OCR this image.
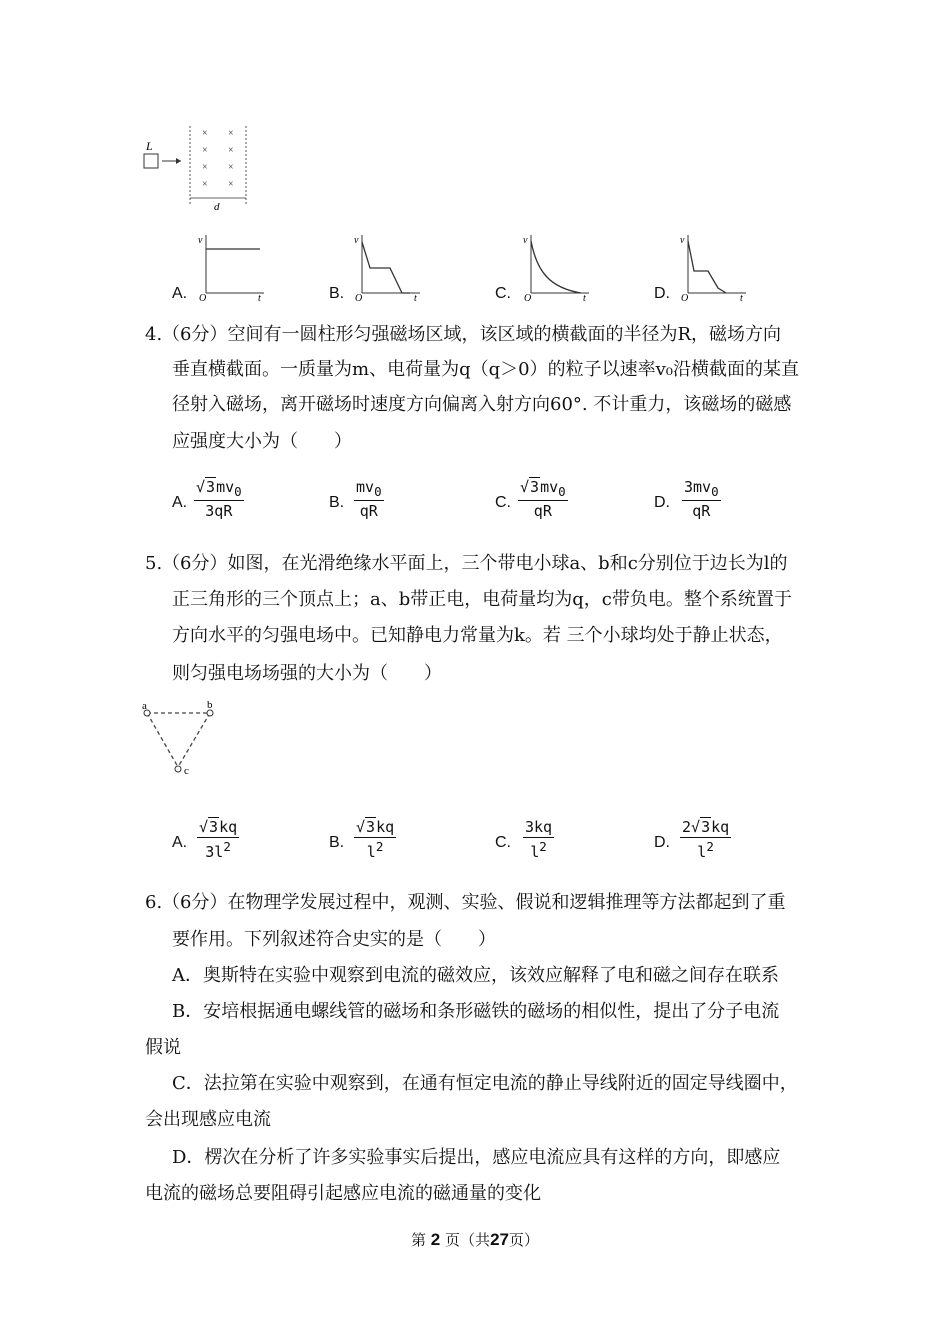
L
× ×
× ×
× ×
× ×
d
A.	B.	C.	D.
v
O	t
v
O	t
v
O	t
v
O	t
4. （6分）空间有一圆柱形匀强磁场区域，该区域的横截面的半径为R，磁场方向
垂直横截面。一质量为m、电荷量为q（q＞0）的粒子以速率v₀沿横截面的某直
径射入磁场，离开磁场时速度方向偏离入射方向60°. 不计重力，该磁场的磁感
应强度大小为（　　）
A. $\frac{√3mv_0}{3qR}$	B. $\frac{mv_0}{qR}$	C. $\frac{√3mv_0}{qR}$	D. $\frac{3mv_0}{qR}$
5. （6分）如图，在光滑绝缘水平面上，三个带电小球a、b和c分别位于边长为l的
正三角形的三个顶点上；a、b带正电，电荷量均为q，c带负电。整个系统置于
方向水平的匀强电场中。已知静电力常量为k。若 三个小球均处于静止状态，
则匀强电场场强的大小为（　　）
a	b
c
A. $\frac{√3kq}{3l^2}$	B. $\frac{√3kq}{l^2}$	C. $\frac{3kq}{l^2}$	D. $\frac{2√3kq}{l^2}$
6. （6分）在物理学发展过程中，观测、实验、假说和逻辑推理等方法都起到了重
要作用。下列叙述符合史实的是（　　）
A．奥斯特在实验中观察到电流的磁效应，该效应解释了电和磁之间存在联系
B．安培根据通电螺线管的磁场和条形磁铁的磁场的相似性，提出了分子电流
假说
C．法拉第在实验中观察到，在通有恒定电流的静止导线附近的固定导线圈中，
会出现感应电流
D．楞次在分析了许多实验事实后提出，感应电流应具有这样的方向，即感应
电流的磁场总要阻碍引起感应电流的磁通量的变化
第 2 页（共27页）
